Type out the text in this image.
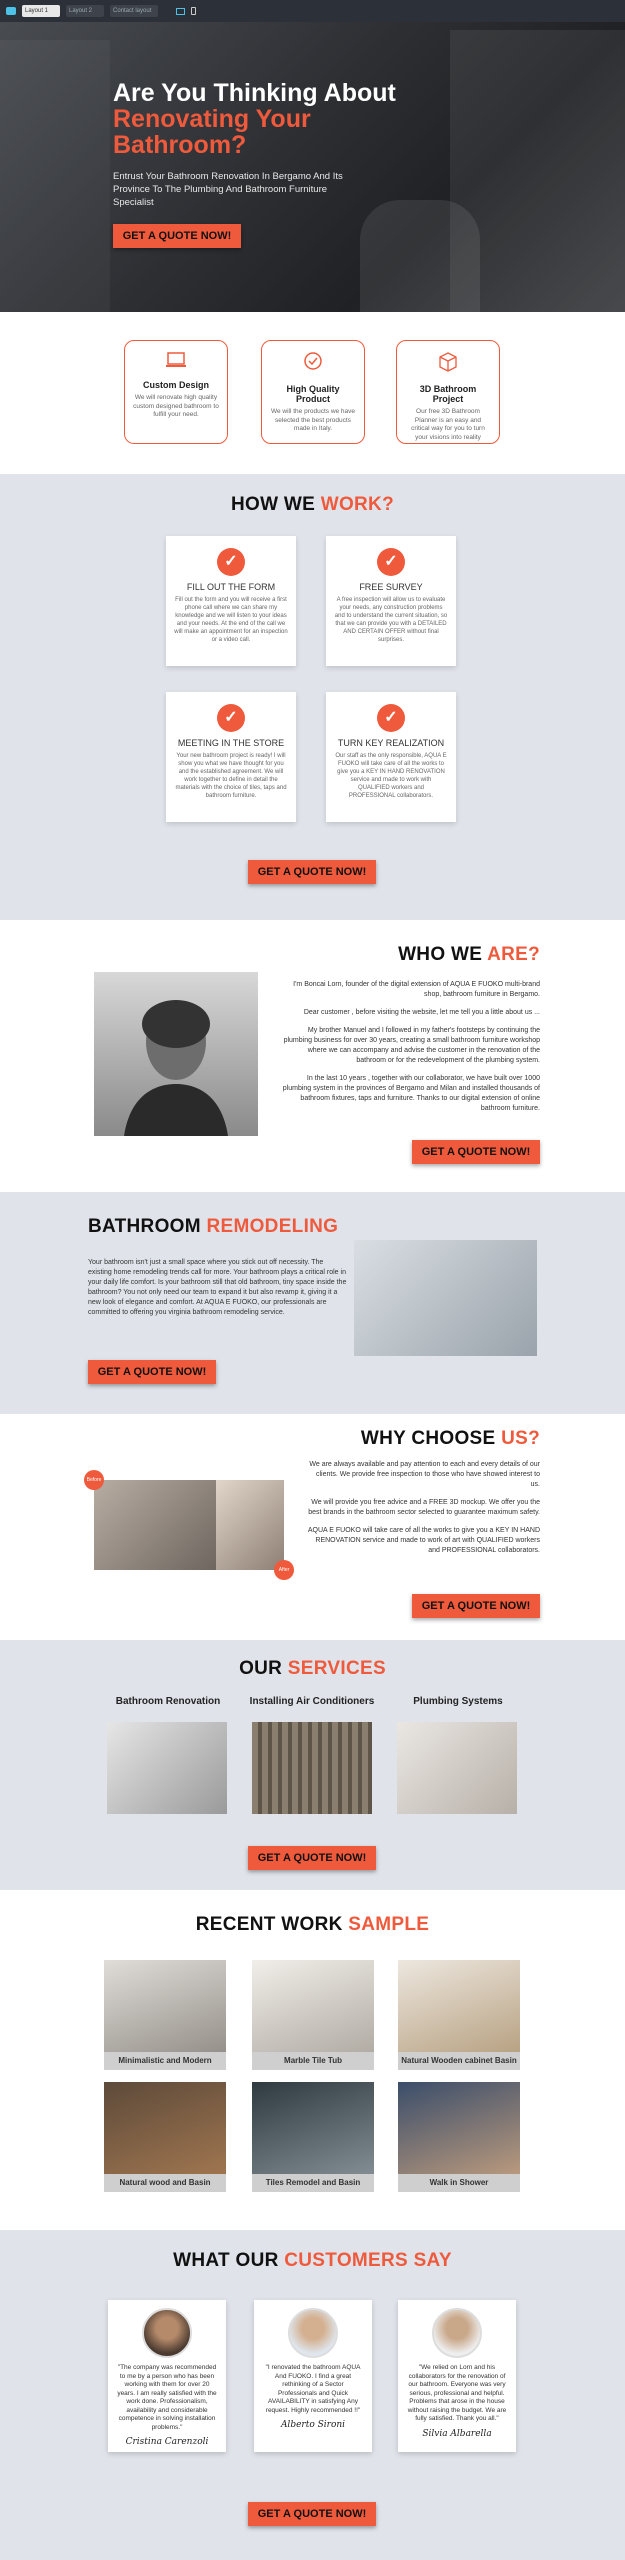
Are You Thinking About
Renovating Your Bathroom?

Entrust Your Bathroom Renovation In Bergamo And Its Province To The Plumbing And Bathroom Furniture Specialist

GET A QUOTE NOW!
Layout 1	Layout 2	Contact layout
Custom Design

We will renovate high quality custom designed bathroom to fulfill your need.

High Quality Product

We will the products we have selected the best products made in Italy.

3D Bathroom Project

Our free 3D Bathroom Planner is an easy and critical way for you to turn your visions into reality

HOW WE WORK?
✓
FILL OUT THE FORM

Fill out the form and you will receive a first phone call where we can share my knowledge and we will listen to your ideas and your needs. At the end of the call we will make an appointment for an inspection or a video call.

✓
FREE SURVEY

A free inspection will allow us to evaluate your needs, any construction problems and to understand the current situation, so that we can provide you with a DETAILED AND CERTAIN OFFER without final surprises.

✓
MEETING IN THE STORE

Your new bathroom project is ready! I will show you what we have thought for you and the established agreement. We will work together to define in detail the materials with the choice of tiles, taps and bathroom furniture.

✓
TURN KEY REALIZATION

Our staff as the only responsible, AQUA E FUOKO will take care of all the works to give you a KEY IN HAND RENOVATION service and made to work with QUALIFIED workers and PROFESSIONAL collaborators.

GET A QUOTE NOW!
WHO WE ARE?

I'm Boncai Lorn, founder of the digital extension of AQUA E FUOKO multi-brand shop, bathroom furniture in Bergamo.

Dear customer , before visiting the website, let me tell you a little about us ...

My brother Manuel and I followed in my father's footsteps by continuing the plumbing business for over 30 years, creating a small bathroom furniture workshop where we can accompany and advise the customer in the renovation of the bathroom or for the redevelopment of the plumbing system.

In the last 10 years , together with our collaborator, we have built over 1000 plumbing system in the provinces of Bergamo and Milan and installed thousands of bathroom fixtures, taps and furniture. Thanks to our digital extension of online bathroom furniture.

GET A QUOTE NOW!
BATHROOM REMODELING

Your bathroom isn't just a small space where you stick out off necessity. The existing home remodeling trends call for more. Your bathroom plays a critical role in your daily life comfort. Is your bathroom still that old bathroom, tiny space inside the bathroom? You not only need our team to expand it but also revamp it, giving it a new look of elegance and comfort. At AQUA E FUOKO, our professionals are committed to offering you virginia bathroom remodeling service.

GET A QUOTE NOW!
WHY CHOOSE US?
Before
After

We are always available and pay attention to each and every details of our clients. We provide free inspection to those who have showed interest to us.

We will provide you free advice and a FREE 3D mockup. We offer you the best brands in the bathroom sector selected to guarantee maximum safety.

AQUA E FUOKO will take care of all the works to give you a KEY IN HAND RENOVATION service and made to work of art with QUALIFIED workers and PROFESSIONAL collaborators.

GET A QUOTE NOW!
OUR SERVICES
Bathroom Renovation	Installing Air Conditioners	Plumbing Systems
GET A QUOTE NOW!
RECENT WORK SAMPLE
Minimalistic and Modern	Marble Tile Tub	Natural Wooden cabinet Basin
Natural wood and Basin	Tiles Remodel and Basin	Walk in Shower
WHAT OUR CUSTOMERS SAY

"The company was recommended to me by a person who has been working with them for over 20 years. I am really satisfied with the work done. Professionalism, availability and considerable competence in solving installation problems."

Cristina Carenzoli

"I renovated the bathroom AQUA And FUOKO. I find a great rethinking of a Sector Professionals and Quick AVAILABILITY in satisfying Any request. Highly recommended !!"

Alberto Sironi

"We relied on Lorn and his collaborators for the renovation of our bathroom. Everyone was very serious, professional and helpful. Problems that arose in the house without raising the budget. We are fully satisfied. Thank you all."

Silvia Albarella
GET A QUOTE NOW!
